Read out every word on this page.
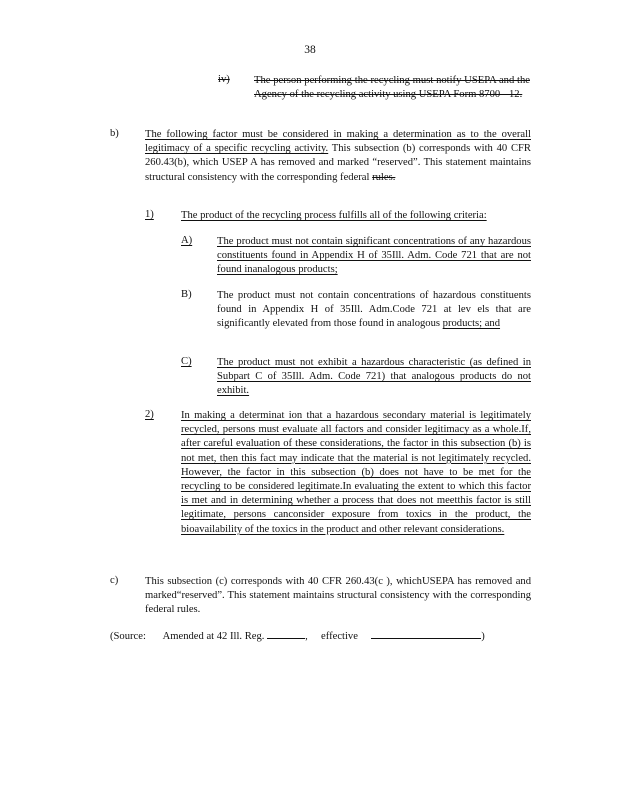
38
iv) The person performing the recycling must notify USEPA and the Agency of the recycling activity using USEPA Form 8700 - 12.
b) The following factor must be considered in making a determination as to the overall legitimacy of a specific recycling activity. This subsection (b) corresponds with 40 CFR 260.43(b), which USEP A has removed and marked “reserved”. This statement maintains structural consistency with the corresponding federal rules.
1)	The product of the recycling process fulfills all of the following criteria:
A) The product must not contain significant concentrations of any hazardous constituents found in Appendix H of 35Ill. Adm. Code 721 that are not found inanalogous products;
B) The product must not contain concentrations of hazardous constituents found in Appendix H of 35Ill. Adm.Code 721 at lev els that are significantly elevated from those found in analogous products; and
C) The product must not exhibit a hazardous characteristic (as defined in Subpart C of 35Ill. Adm. Code 721) that analogous products do not exhibit.
2)	In making a determinat ion that a hazardous secondary material is legitimately recycled, persons must evaluate all factors and consider legitimacy as a whole.If, after careful evaluation of these considerations, the factor in this subsection (b) is not met, then this fact may indicate that the material is not legitimately recycled. However, the factor in this subsection (b) does not have to be met for the recycling to be considered legitimate.In evaluating the extent to which this factor is met and in determining whether a process that does not meetthis factor is still legitimate, persons canconsider exposure from toxics in the product, the bioavailability of the toxics in the product and other relevant considerations.
c)	This subsection (c) corresponds with 40 CFR 260.43(c ), whichUSEPA has removed and marked“reserved”. This statement maintains structural consistency with the corresponding federal rules.
(Source: Amended at 42 Ill. Reg.	, effective	)
